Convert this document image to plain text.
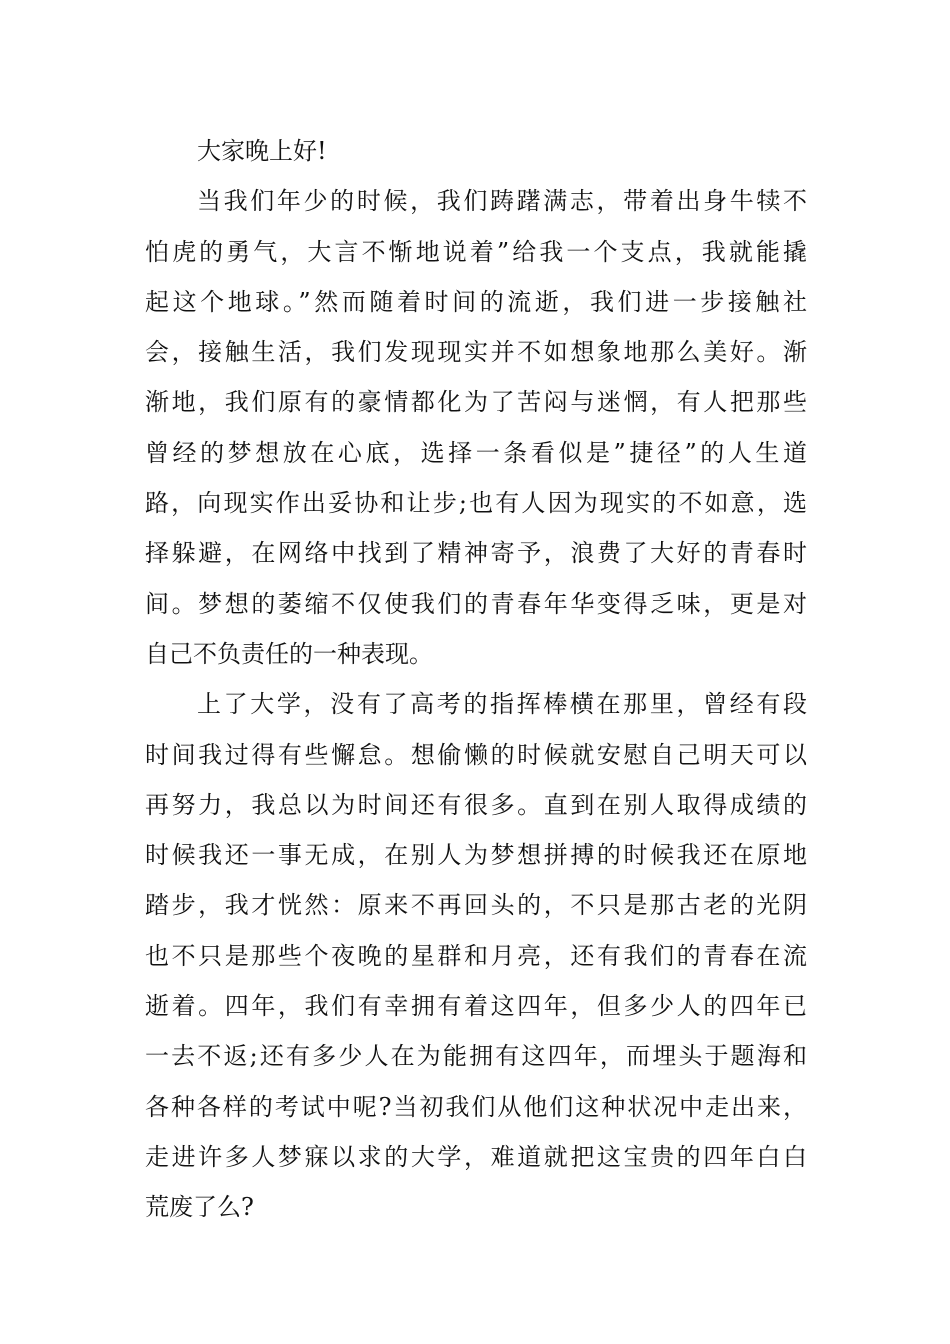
大家晚上好!
当我们年少的时候，我们踌躇满志，带着出身牛犊不
怕虎的勇气，大言不惭地说着”给我一个支点，我就能撬
起这个地球。”然而随着时间的流逝，我们进一步接触社
会，接触生活，我们发现现实并不如想象地那么美好。渐
渐地，我们原有的豪情都化为了苦闷与迷惘，有人把那些
曾经的梦想放在心底，选择一条看似是”捷径”的人生道
路，向现实作出妥协和让步;也有人因为现实的不如意，选
择躲避，在网络中找到了精神寄予，浪费了大好的青春时
间。梦想的萎缩不仅使我们的青春年华变得乏味，更是对
自己不负责任的一种表现。
上了大学，没有了高考的指挥棒横在那里，曾经有段
时间我过得有些懈怠。想偷懒的时候就安慰自己明天可以
再努力，我总以为时间还有很多。直到在别人取得成绩的
时候我还一事无成，在别人为梦想拼搏的时候我还在原地
踏步，我才恍然：原来不再回头的，不只是那古老的光阴
也不只是那些个夜晚的星群和月亮，还有我们的青春在流
逝着。四年，我们有幸拥有着这四年，但多少人的四年已
一去不返;还有多少人在为能拥有这四年，而埋头于题海和
各种各样的考试中呢?当初我们从他们这种状况中走出来，
走进许多人梦寐以求的大学，难道就把这宝贵的四年白白
荒废了么?
